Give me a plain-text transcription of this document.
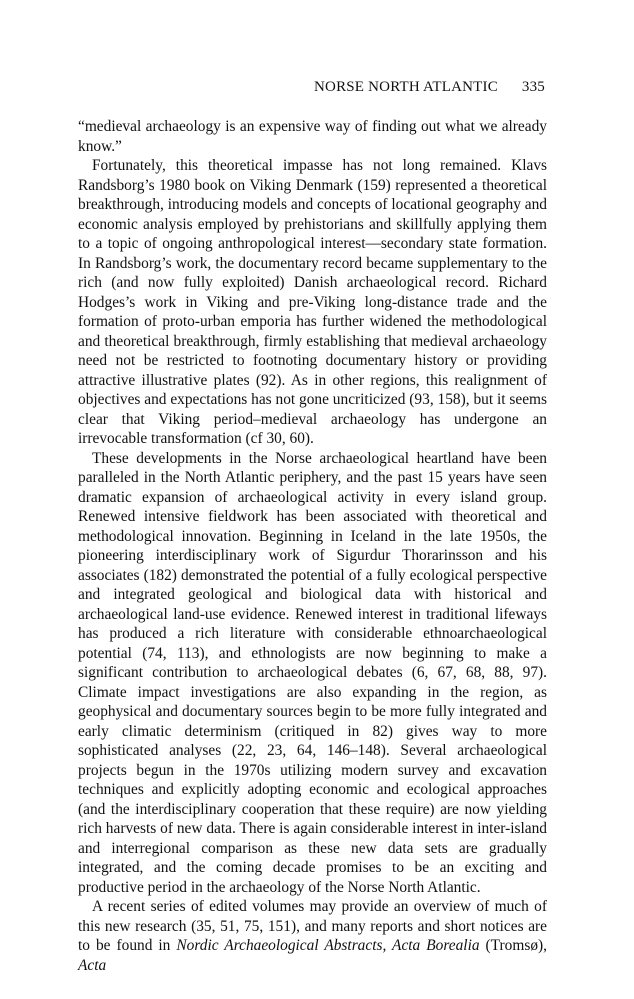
NORSE NORTH ATLANTIC 335

“medieval archaeology is an expensive way of finding out what we already know.”

Fortunately, this theoretical impasse has not long remained. Klavs Randsborg’s 1980 book on Viking Denmark (159) represented a theoretical breakthrough, introducing models and concepts of locational geography and economic analysis employed by prehistorians and skillfully applying them to a topic of ongoing anthropological interest—secondary state formation. In Randsborg’s work, the documentary record became supplementary to the rich (and now fully exploited) Danish archaeological record. Richard Hodges’s work in Viking and pre-Viking long-distance trade and the formation of proto-urban emporia has further widened the methodological and theoretical breakthrough, firmly establishing that medieval archaeology need not be restricted to footnoting documentary history or providing attractive illustrative plates (92). As in other regions, this realignment of objectives and expectations has not gone uncriticized (93, 158), but it seems clear that Viking period–medieval archaeology has undergone an irrevocable transformation (cf 30, 60).

These developments in the Norse archaeological heartland have been paralleled in the North Atlantic periphery, and the past 15 years have seen dramatic expansion of archaeological activity in every island group. Renewed intensive fieldwork has been associated with theoretical and methodological innovation. Beginning in Iceland in the late 1950s, the pioneering interdisciplinary work of Sigurdur Thorarinsson and his associates (182) demonstrated the potential of a fully ecological perspective and integrated geological and biological data with historical and archaeological land-use evidence. Renewed interest in traditional lifeways has produced a rich literature with considerable ethnoarchaeological potential (74, 113), and ethnologists are now beginning to make a significant contribution to archaeological debates (6, 67, 68, 88, 97). Climate impact investigations are also expanding in the region, as geophysical and documentary sources begin to be more fully integrated and early climatic determinism (critiqued in 82) gives way to more sophisticated analyses (22, 23, 64, 146–148). Several archaeological projects begun in the 1970s utilizing modern survey and excavation techniques and explicitly adopting economic and ecological approaches (and the interdisciplinary cooperation that these require) are now yielding rich harvests of new data. There is again considerable interest in inter-island and interregional comparison as these new data sets are gradually integrated, and the coming decade promises to be an exciting and productive period in the archaeology of the Norse North Atlantic.

A recent series of edited volumes may provide an overview of much of this new research (35, 51, 75, 151), and many reports and short notices are to be found in Nordic Archaeological Abstracts, Acta Borealia (Tromsø), Acta
